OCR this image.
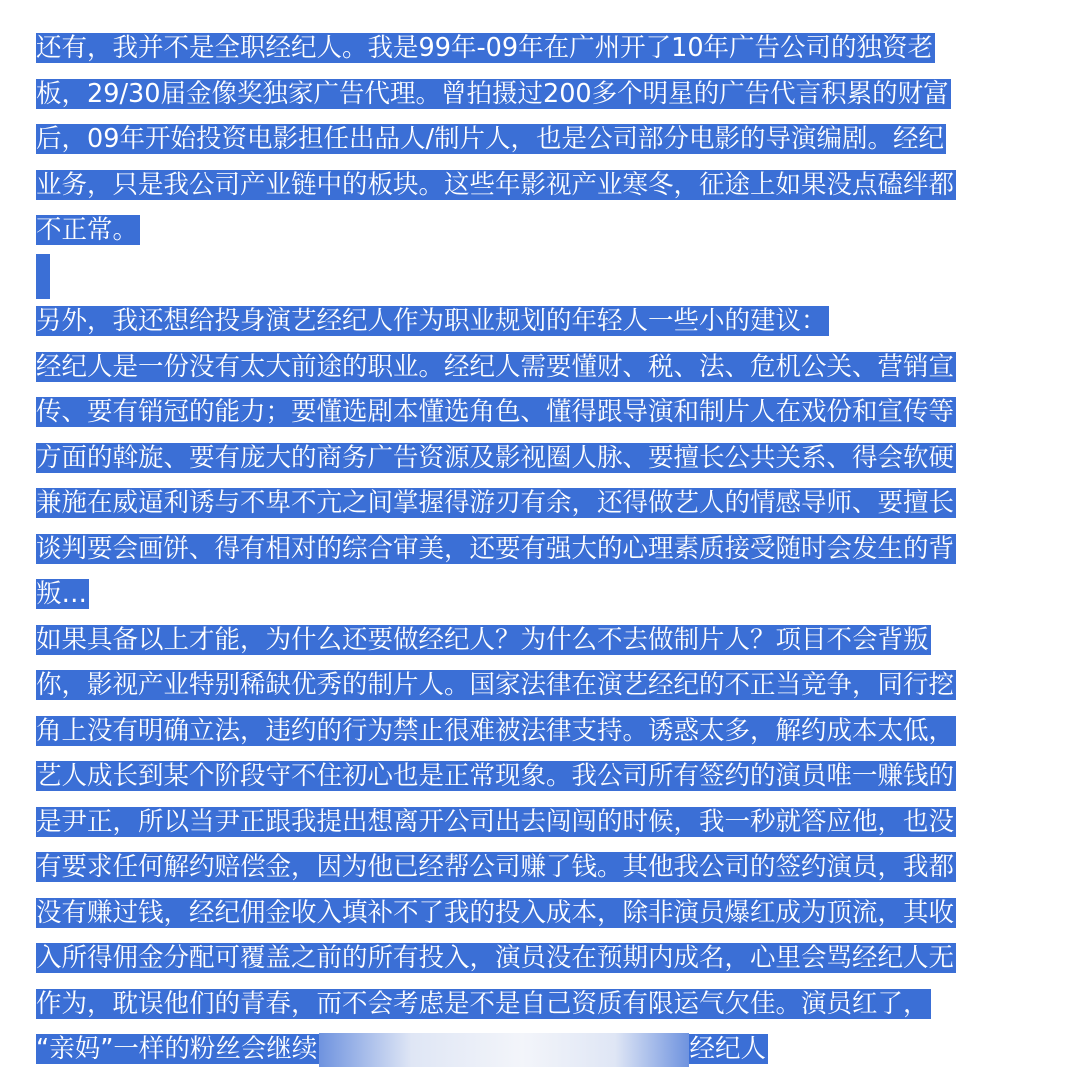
还有，我并不是全职经纪人。我是99年-09年在广州开了10年广告公司的独资老
板，29/30届金像奖独家广告代理。曾拍摄过200多个明星的广告代言积累的财富
后，09年开始投资电影担任出品人/制片人，也是公司部分电影的导演编剧。经纪
业务，只是我公司产业链中的板块。这些年影视产业寒冬，征途上如果没点磕绊都
不正常。
另外，我还想给投身演艺经纪人作为职业规划的年轻人一些小的建议：
经纪人是一份没有太大前途的职业。经纪人需要懂财、税、法、危机公关、营销宣
传、要有销冠的能力；要懂选剧本懂选角色、懂得跟导演和制片人在戏份和宣传等
方面的斡旋、要有庞大的商务广告资源及影视圈人脉、要擅长公共关系、得会软硬
兼施在威逼利诱与不卑不亢之间掌握得游刃有余，还得做艺人的情感导师、要擅长
谈判要会画饼、得有相对的综合审美，还要有强大的心理素质接受随时会发生的背
叛…
如果具备以上才能，为什么还要做经纪人？为什么不去做制片人？项目不会背叛
你，影视产业特别稀缺优秀的制片人。国家法律在演艺经纪的不正当竞争，同行挖
角上没有明确立法，违约的行为禁止很难被法律支持。诱惑太多，解约成本太低，
艺人成长到某个阶段守不住初心也是正常现象。我公司所有签约的演员唯一赚钱的
是尹正，所以当尹正跟我提出想离开公司出去闯闯的时候，我一秒就答应他，也没
有要求任何解约赔偿金，因为他已经帮公司赚了钱。其他我公司的签约演员，我都
没有赚过钱，经纪佣金收入填补不了我的投入成本，除非演员爆红成为顶流，其收
入所得佣金分配可覆盖之前的所有投入，演员没在预期内成名，心里会骂经纪人无
作为，耽误他们的青春，而不会考虑是不是自己资质有限运气欠佳。演员红了，
“亲妈”一样的粉丝会继续	经纪人
